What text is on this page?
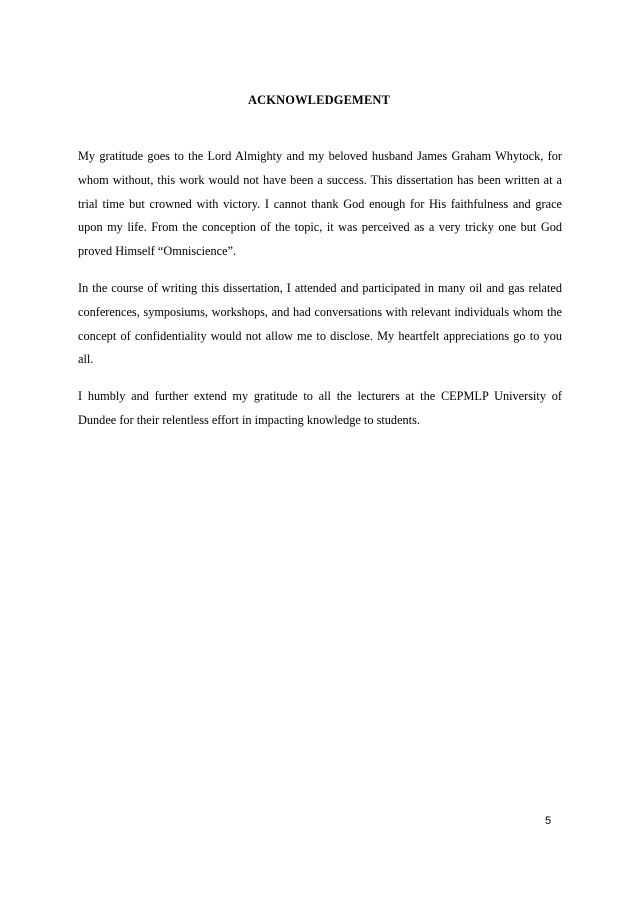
ACKNOWLEDGEMENT

My gratitude goes to the Lord Almighty and my beloved husband James Graham Whytock, for whom without, this work would not have been a success. This dissertation has been written at a trial time but crowned with victory. I cannot thank God enough for His faithfulness and grace upon my life. From the conception of the topic, it was perceived as a very tricky one but God proved Himself “Omniscience”.

In the course of writing this dissertation, I attended and participated in many oil and gas related conferences, symposiums, workshops, and had conversations with relevant individuals whom the concept of confidentiality would not allow me to disclose. My heartfelt appreciations go to you all.

I humbly and further extend my gratitude to all the lecturers at the CEPMLP University of Dundee for their relentless effort in impacting knowledge to students.

5
